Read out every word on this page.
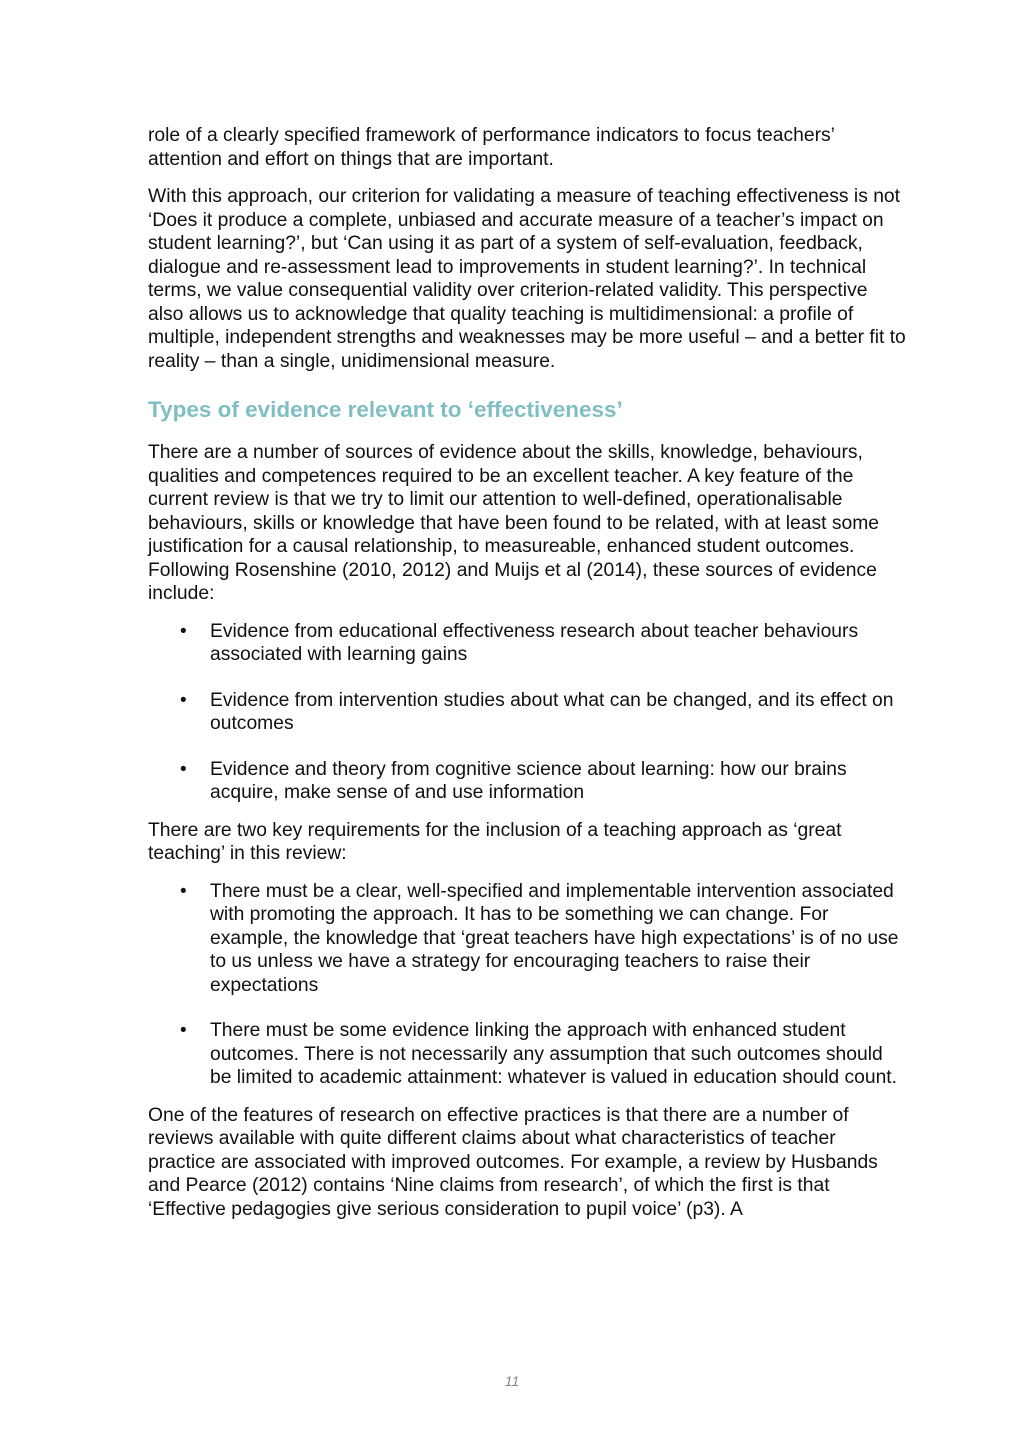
role of a clearly specified framework of performance indicators to focus teachers’ attention and effort on things that are important.

With this approach, our criterion for validating a measure of teaching effectiveness is not ‘Does it produce a complete, unbiased and accurate measure of a teacher’s impact on student learning?’, but ‘Can using it as part of a system of self-evaluation, feedback, dialogue and re-assessment lead to improvements in student learning?’. In technical terms, we value consequential validity over criterion-related validity. This perspective also allows us to acknowledge that quality teaching is multidimensional: a profile of multiple, independent strengths and weaknesses may be more useful – and a better fit to reality – than a single, unidimensional measure.

Types of evidence relevant to ‘effectiveness’

There are a number of sources of evidence about the skills, knowledge, behaviours, qualities and competences required to be an excellent teacher. A key feature of the current review is that we try to limit our attention to well-defined, operationalisable behaviours, skills or knowledge that have been found to be related, with at least some justification for a causal relationship, to measureable, enhanced student outcomes. Following Rosenshine (2010, 2012) and Muijs et al (2014), these sources of evidence include:

• Evidence from educational effectiveness research about teacher behaviours associated with learning gains
• Evidence from intervention studies about what can be changed, and its effect on outcomes
• Evidence and theory from cognitive science about learning: how our brains acquire, make sense of and use information

There are two key requirements for the inclusion of a teaching approach as ‘great teaching’ in this review:

• There must be a clear, well-specified and implementable intervention associated with promoting the approach. It has to be something we can change. For example, the knowledge that ‘great teachers have high expectations’ is of no use to us unless we have a strategy for encouraging teachers to raise their expectations
• There must be some evidence linking the approach with enhanced student outcomes. There is not necessarily any assumption that such outcomes should be limited to academic attainment: whatever is valued in education should count.

One of the features of research on effective practices is that there are a number of reviews available with quite different claims about what characteristics of teacher practice are associated with improved outcomes. For example, a review by Husbands and Pearce (2012) contains ‘Nine claims from research’, of which the first is that ‘Effective pedagogies give serious consideration to pupil voice’ (p3). A

11
